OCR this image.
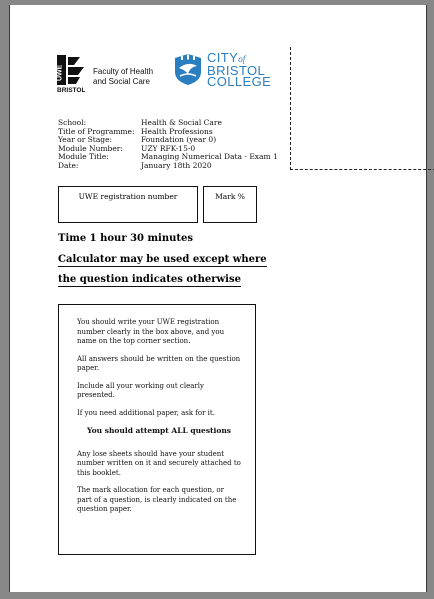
UWE
BRISTOL
Faculty of Health
and Social Care
CITYof
BRISTOL
COLLEGE
School:	Health & Social Care
Title of Programme: Health Professions
Year or Stage:	Foundation (year 0)
Module Number:	UZY RFK-15-0
Module Title:	Managing Numerical Data - Exam 1
Date:	January 18th 2020
UWE registration number	Mark %
Time 1 hour 30 minutes
Calculator may be used except where
the question indicates otherwise

You should write your UWE registration number clearly in the box above, and you name on the top corner section.

All answers should be written on the question paper.

Include all your working out clearly presented.

If you need additional paper, ask for it.

You should attempt ALL questions

Any lose sheets should have your student number written on it and securely attached to this booklet.

The mark allocation for each question, or part of a question, is clearly indicated on the question paper.
